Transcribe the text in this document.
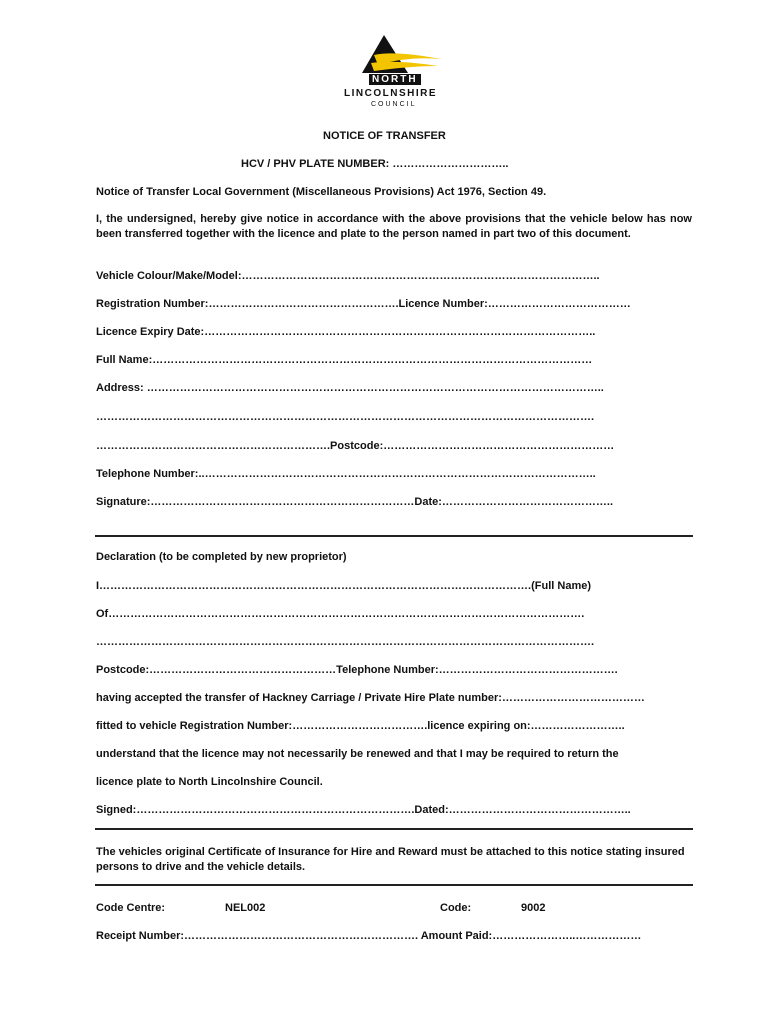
NORTH
LINCOLNSHIRE
COUNCIL
NOTICE OF TRANSFER
HCV / PHV PLATE NUMBER: …………………………..
Notice of Transfer Local Government (Miscellaneous Provisions) Act 1976, Section 49.
I, the undersigned, hereby give notice in accordance with the above provisions that the vehicle below has now been transferred together with the licence and plate to the person named in part two of this document.
Vehicle Colour/Make/Model:……………………………………………………………………………………..
Registration Number:…………………………………………….Licence Number:…………………………………
Licence Expiry Date:……………………………………………………………………………………………..
Full Name:…………………………………………………………………………………………………………
Address: ……………………………………………………………………………………………………………..
……………………………………………………………………………………………………………………….
……………………………………………………….Postcode:………………………………………………………
Telephone Number:..……………………………………………………………………………………………..
Signature:………………………………………………………………Date:………………………………………..
Declaration (to be completed by new proprietor)
I……………………………………………………………………………………………………….(Full Name)
Of………………………………………………………………………………………………………………….
……………………………………………………………………………………………………………………….
Postcode:……………………………………………Telephone Number:………………………………………….
having accepted the transfer of Hackney Carriage / Private Hire Plate number:…………………………………
fitted to vehicle Registration Number:……………………………….licence expiring on:……………………..
understand that the licence may not necessarily be renewed and that I may be required to return the
licence plate to North Lincolnshire Council.
Signed:………………………………………………………………….Dated:…………………………………………..
The vehicles original Certificate of Insurance for Hire and Reward must be attached to this notice stating insured persons to drive and the vehicle details.
Code Centre:	NEL002	Code:	9002
Receipt Number:………………………………………………………. Amount Paid:…………………..………………
